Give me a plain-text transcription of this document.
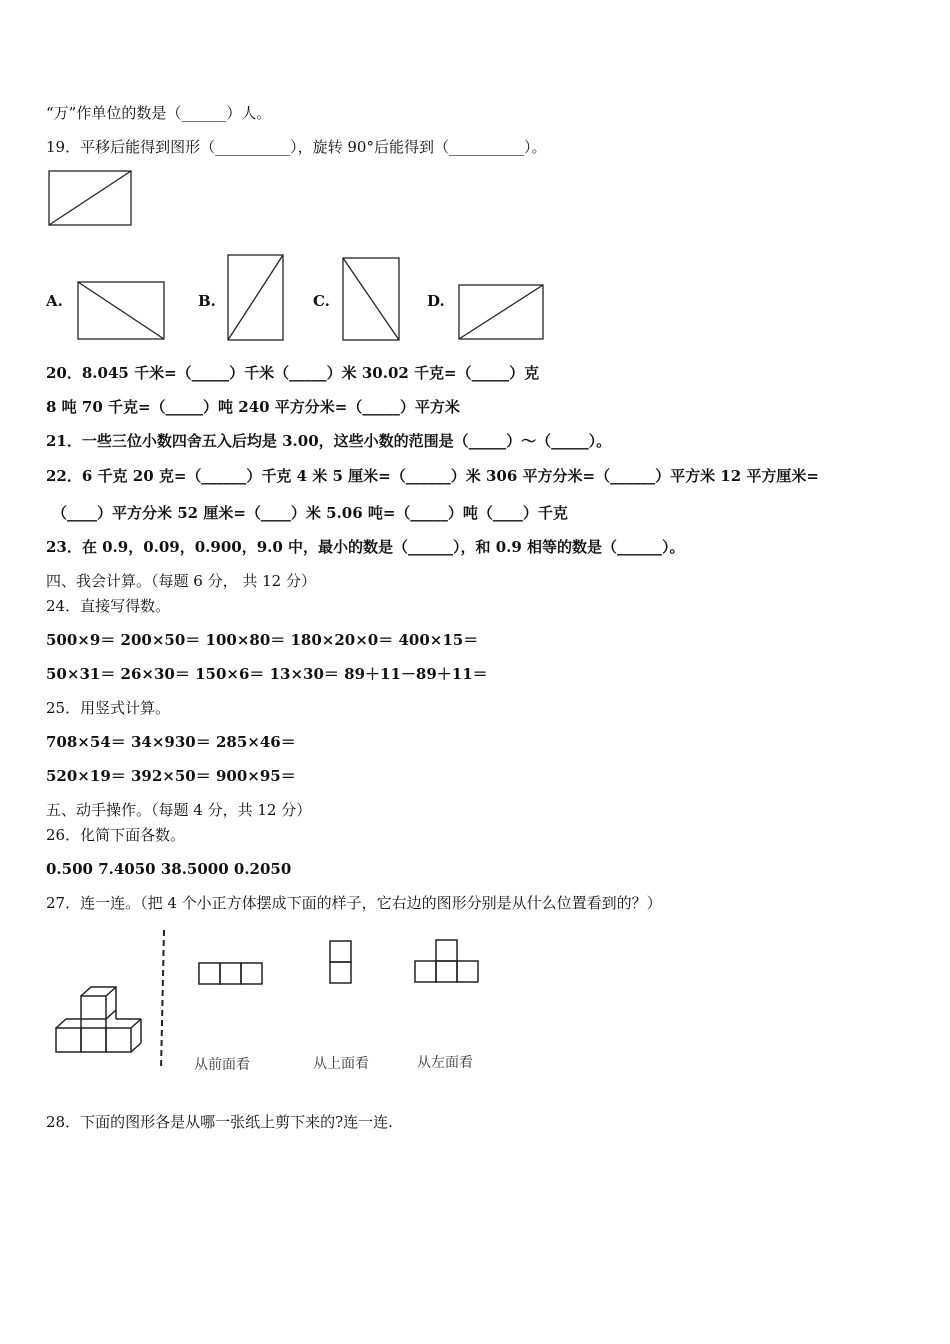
“万”作单位的数是（______）人。
19．平移后能得到图形（__________），旋转 90°后能得到（__________）。
A.	B.	C.	D.
20．8.045 千米=（_____）千米（_____）米 30.02 千克=（_____）克
8 吨 70 千克=（_____）吨 240 平方分米=（_____）平方米
21．一些三位小数四舍五入后均是 3.00，这些小数的范围是（_____）～（_____）。
22．6 千克 20 克=（______）千克 4 米 5 厘米=（______）米 306 平方分米=（______）平方米 12 平方厘米=
（____）平方分米 52 厘米=（____）米 5.06 吨=（_____）吨（____）千克
23．在 0.9，0.09，0.900，9.0 中，最小的数是（______），和 0.9 相等的数是（______）。
四、我会计算。（每题 6 分， 共 12 分）
24．直接写得数。
500×9＝ 200×50＝ 100×80＝ 180×20×0＝ 400×15＝
50×31＝ 26×30＝ 150×6＝ 13×30＝ 89＋11－89＋11＝
25．用竖式计算。
708×54＝ 34×930＝ 285×46＝
520×19＝ 392×50＝ 900×95＝
五、动手操作。（每题 4 分，共 12 分）
26．化简下面各数。
0.500 7.4050 38.5000 0.2050
27．连一连。（把 4 个小正方体摆成下面的样子，它右边的图形分别是从什么位置看到的？）
从前面看	从上面看	从左面看
28．下面的图形各是从哪一张纸上剪下来的?连一连.
